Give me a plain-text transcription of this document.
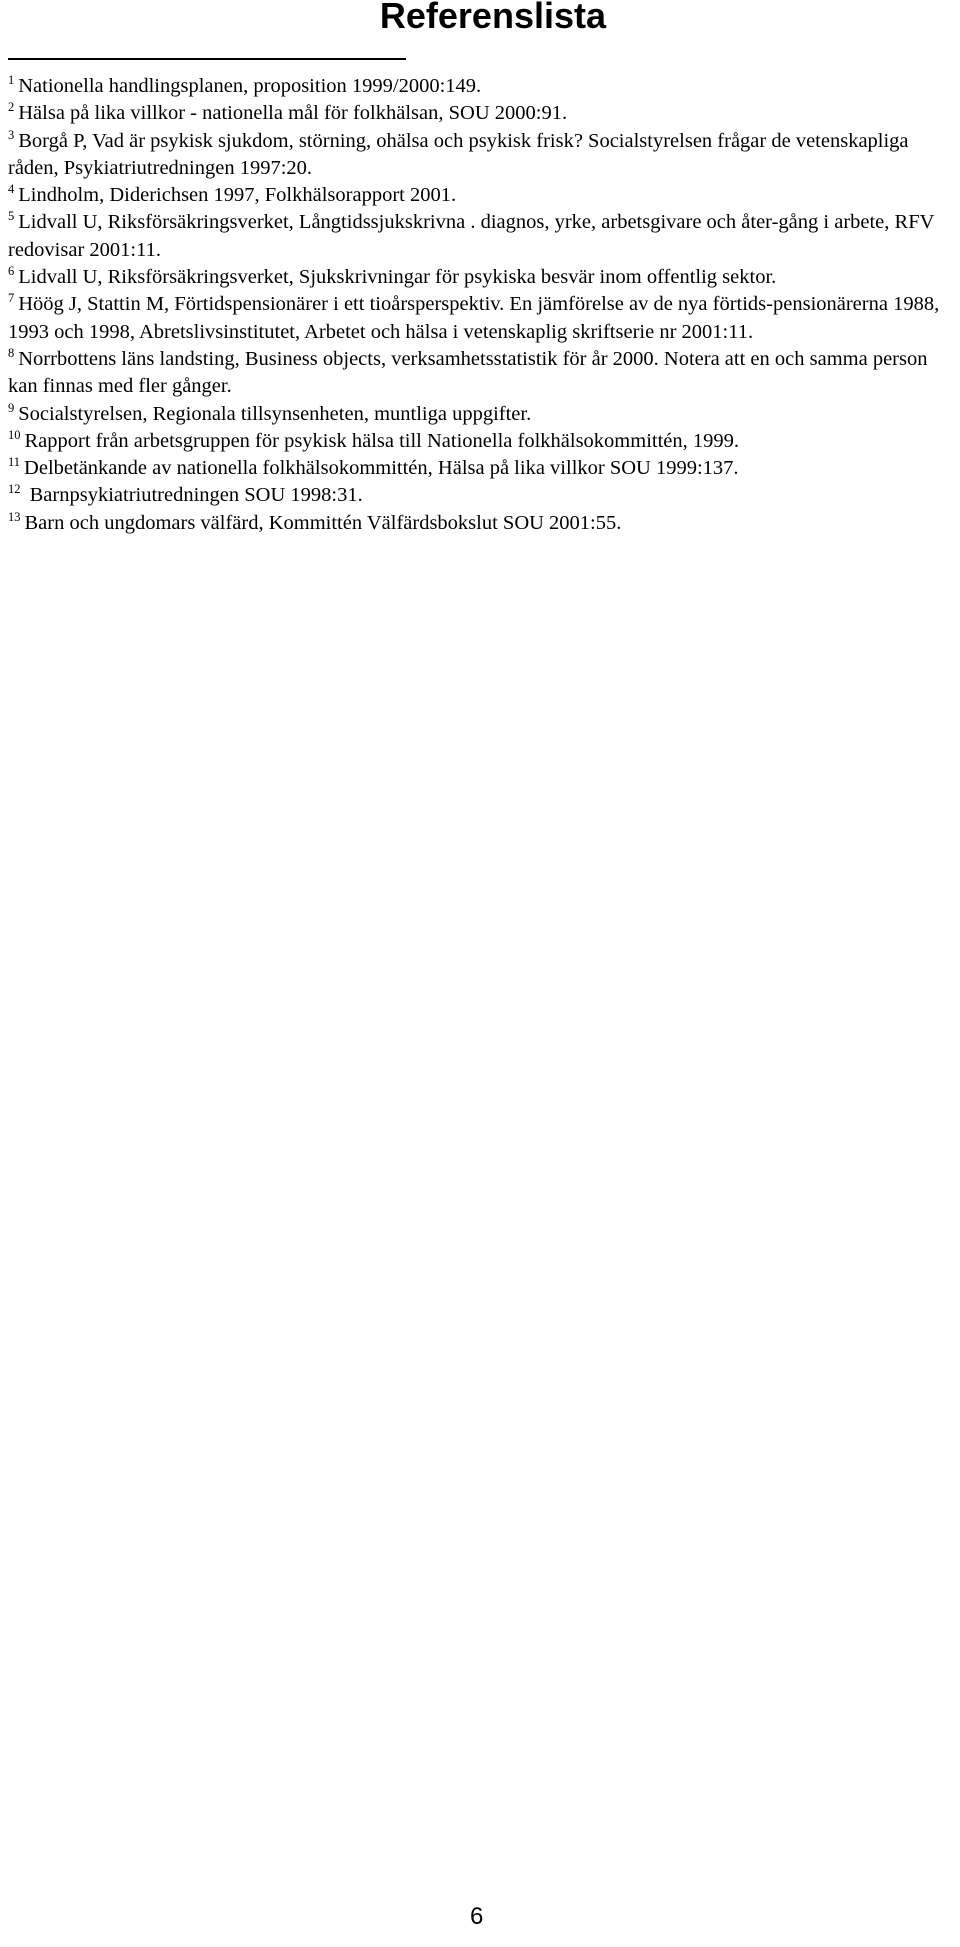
Referenslista

$^1$ Nationella handlingsplanen, proposition 1999/2000:149.

$^2$ Hälsa på lika villkor - nationella mål för folkhälsan, SOU 2000:91.

$^3$ Borgå P, Vad är psykisk sjukdom, störning, ohälsa och psykisk frisk? Socialstyrelsen frågar de vetenskapliga råden, Psykiatriutredningen 1997:20.

$^4$ Lindholm, Diderichsen 1997, Folkhälsorapport 2001.

$^5$ Lidvall U, Riksförsäkringsverket, Långtidssjukskrivna . diagnos, yrke, arbetsgivare och åter-gång i arbete, RFV redovisar 2001:11.

$^6$ Lidvall U, Riksförsäkringsverket, Sjukskrivningar för psykiska besvär inom offentlig sektor.

$^7$ Höög J, Stattin M, Förtidspensionärer i ett tioårsperspektiv. En jämförelse av de nya förtids-pensionärerna 1988, 1993 och 1998, Abretslivsinstitutet, Arbetet och hälsa i vetenskaplig skriftserie nr 2001:11.

$^8$ Norrbottens läns landsting, Business objects, verksamhetsstatistik för år 2000. Notera att en och samma person kan finnas med fler gånger.

$^9$ Socialstyrelsen, Regionala tillsynsenheten, muntliga uppgifter.

$^{10}$ Rapport från arbetsgruppen för psykisk hälsa till Nationella folkhälsokommittén, 1999.

$^{11}$ Delbetänkande av nationella folkhälsokommittén, Hälsa på lika villkor SOU 1999:137.

$^{12}$ Barnpsykiatriutredningen SOU 1998:31.

$^{13}$ Barn och ungdomars välfärd, Kommittén Välfärdsbokslut SOU 2001:55.

6
